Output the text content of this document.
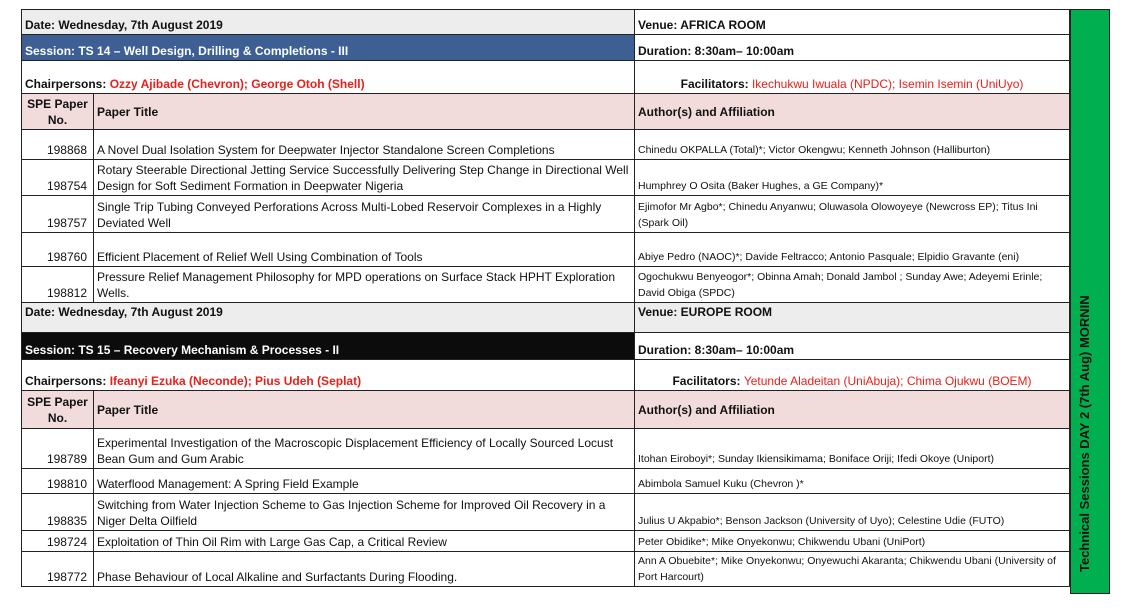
Date: Wednesday, 7th August 2019		Venue: AFRICA ROOM
Session: TS 14 – Well Design, Drilling & Completions - III		Duration: 8:30am– 10:00am
Chairpersons: Ozzy Ajibade (Chevron); George Otoh (Shell)		Facilitators: Ikechukwu Iwuala (NPDC); Isemin Isemin (UniUyo)
SPE Paper No.	Paper Title	Author(s) and Affiliation
198868	A Novel Dual Isolation System for Deepwater Injector Standalone Screen Completions	Chinedu OKPALLA (Total)*; Victor Okengwu; Kenneth Johnson (Halliburton)
198754	Rotary Steerable Directional Jetting Service Successfully Delivering Step Change in Directional Well Design for Soft Sediment Formation in Deepwater Nigeria	Humphrey O Osita (Baker Hughes, a GE Company)*
198757	Single Trip Tubing Conveyed Perforations Across Multi-Lobed Reservoir Complexes in a Highly Deviated Well	Ejimofor Mr Agbo*; Chinedu Anyanwu; Oluwasola Olowoyeye (Newcross EP); Titus Ini (Spark Oil)
198760	Efficient Placement of Relief Well Using Combination of Tools	Abiye Pedro (NAOC)*; Davide Feltracco; Antonio Pasquale; Elpidio Gravante (eni)
198812	Pressure Relief Management Philosophy for MPD operations on Surface Stack HPHT Exploration Wells.	Ogochukwu Benyeogor*; Obinna Amah; Donald Jambol ; Sunday Awe; Adeyemi Erinle; David Obiga (SPDC)
Date: Wednesday, 7th August 2019		Venue: EUROPE ROOM
Session: TS 15 – Recovery Mechanism & Processes - II		Duration: 8:30am– 10:00am
Chairpersons: Ifeanyi Ezuka (Neconde); Pius Udeh (Seplat)		Facilitators: Yetunde Aladeitan (UniAbuja); Chima Ojukwu (BOEM)
SPE Paper No.	Paper Title	Author(s) and Affiliation
198789	Experimental Investigation of the Macroscopic Displacement Efficiency of Locally Sourced Locust Bean Gum and Gum Arabic	Itohan Eiroboyi*; Sunday Ikiensikimama; Boniface Oriji; Ifedi Okoye (Uniport)
198810	Waterflood Management: A Spring Field Example	Abimbola Samuel Kuku (Chevron )*
198835	Switching from Water Injection Scheme to Gas Injection Scheme for Improved Oil Recovery in a Niger Delta Oilfield	Julius U Akpabio*; Benson Jackson (University of Uyo); Celestine Udie (FUTO)
198724	Exploitation of Thin Oil Rim with Large Gas Cap, a Critical Review	Peter Obidike*; Mike Onyekonwu; Chikwendu Ubani (UniPort)
198772	Phase Behaviour of Local Alkaline and Surfactants During Flooding.	Ann A Obuebite*; Mike Onyekonwu; Onyewuchi Akaranta; Chikwendu Ubani (University of Port Harcourt)
Technical Sessions DAY 2 (7th Aug) MORNIN
